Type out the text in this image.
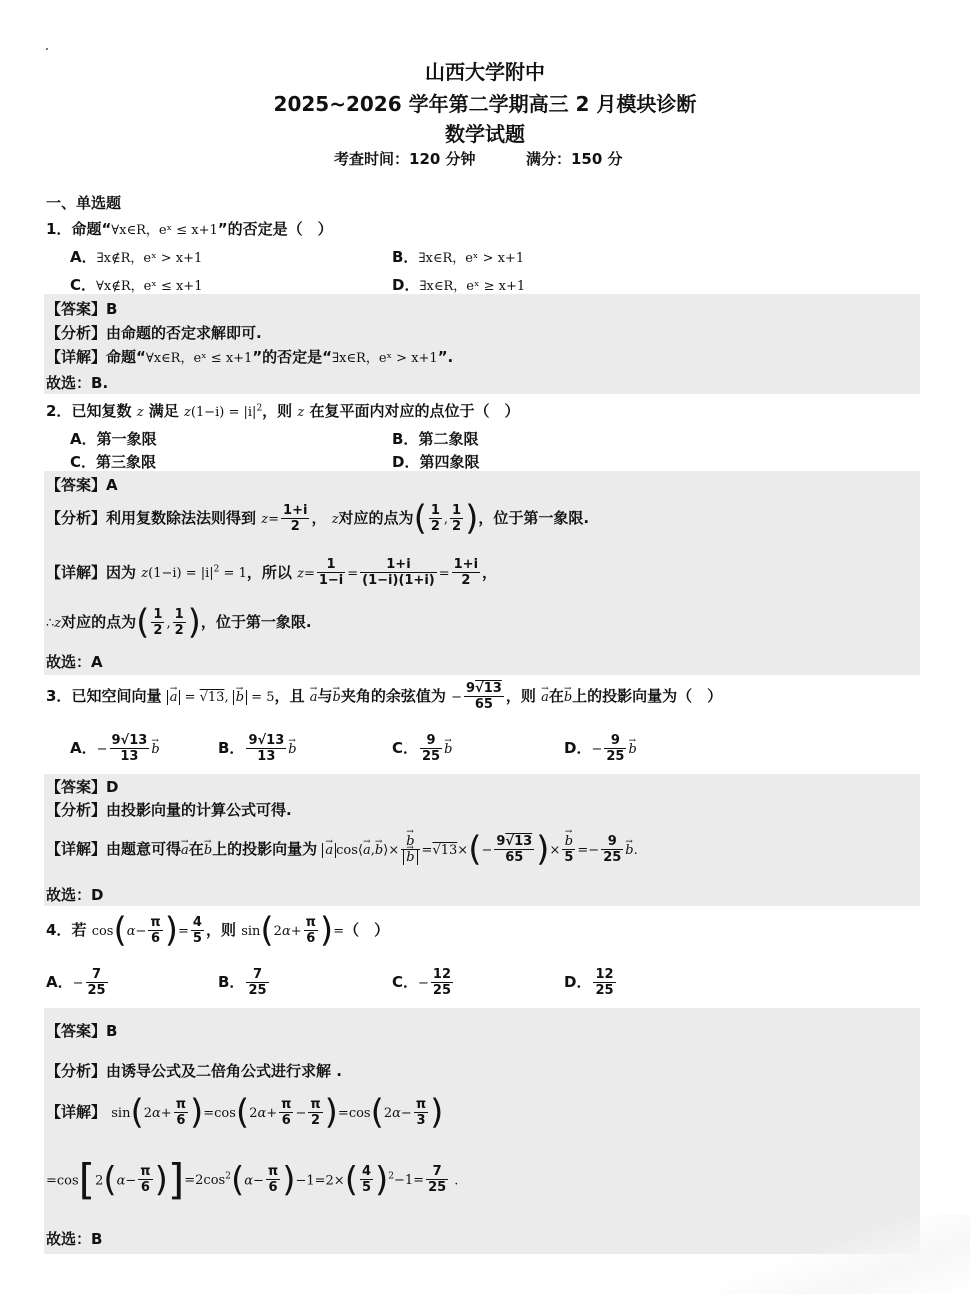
山西大学附中
2025~2026 学年第二学期高三 2 月模块诊断
数学试题
考查时间：120 分钟	满分：150 分
一、单选题
1．命题“∀x∈R，eˣ ≤ x+1”的否定是（　）
A．∃x∉R，eˣ > x+1	B．∃x∈R，eˣ > x+1
C．∀x∉R，eˣ ≤ x+1	D．∃x∈R，eˣ ≥ x+1
【答案】B
【分析】由命题的否定求解即可.
【详解】命题“∀x∈R，eˣ ≤ x+1”的否定是“∃x∈R，eˣ > x+1”.
故选：B.
2．已知复数 z 满足 $z(1-i) = |i|^2$，则 z 在复平面内对应的点位于（　）
A．第一象限	B．第二象限
C．第三象限	D．第四象限
【答案】A
【分析】利用复数除法法则得到 $z= \frac{1+i}{2}$ ， z对应的点为( $\frac{1}{2}$ , $\frac{1}{2}$ )，位于第一象限.
【详解】因为 $z(1-i) = |i|^2 = 1$，所以 $z= \frac{1}{1-i} = \frac{1+i}{(1-i)(1+i)} = \frac{1+i}{2}$ ，
∴z对应的点为( $\frac{1}{2}$ , $\frac{1}{2}$ )，位于第一象限.
故选：A
3．已知空间向量 → a = √13, → b = 5，且 → a与→ b夹角的余弦值为 − $\frac{9√13}{65}$ ，则 → a在→ b上的投影向量为（　）
A．− $\frac{9√13}{13} \to b$	B． $\frac{9√13}{13} \to b$	C． $\frac{9}{25} \to b$	D．− $\frac{9}{25} \to b$
【答案】D
【分析】由投影向量的计算公式可得.
【详解】由题意可得→ a在→ b上的投影向量为 → a cos⟨→ a,→ b⟩× → b
→ $b =√13\times(- \frac{9√13}{65}$ )× → $\frac{b}{5} =- \frac{9}{25} \to b$.
故选：D
4．若 $\cos(\alpha- \frac{\pi}{6}$ )= $\frac{4}{5}$ ，则 $\sin(2\alpha+ \frac{\pi}{6}$ )=（　）
A．− $\frac{7}{25}$	B． $\frac{7}{25}$	C．− $\frac{12}{25}$	D． $\frac{12}{25}$
【答案】B
【分析】由诱导公式及二倍角公式进行求解 .
【详解】 $\sin(2\alpha+ \frac{\pi}{6} )=\cos(2\alpha+ \frac{\pi}{6} - \frac{\pi}{2} )=\cos(2\alpha- \frac{\pi}{3}$ )
$=\cos[2(\alpha- \frac{\pi}{6} )]=2\cos^2(\alpha- \frac{\pi}{6} )-1=2\times( \frac{4}{5} )^2-1= \frac{7}{25}$ .
故选：B
